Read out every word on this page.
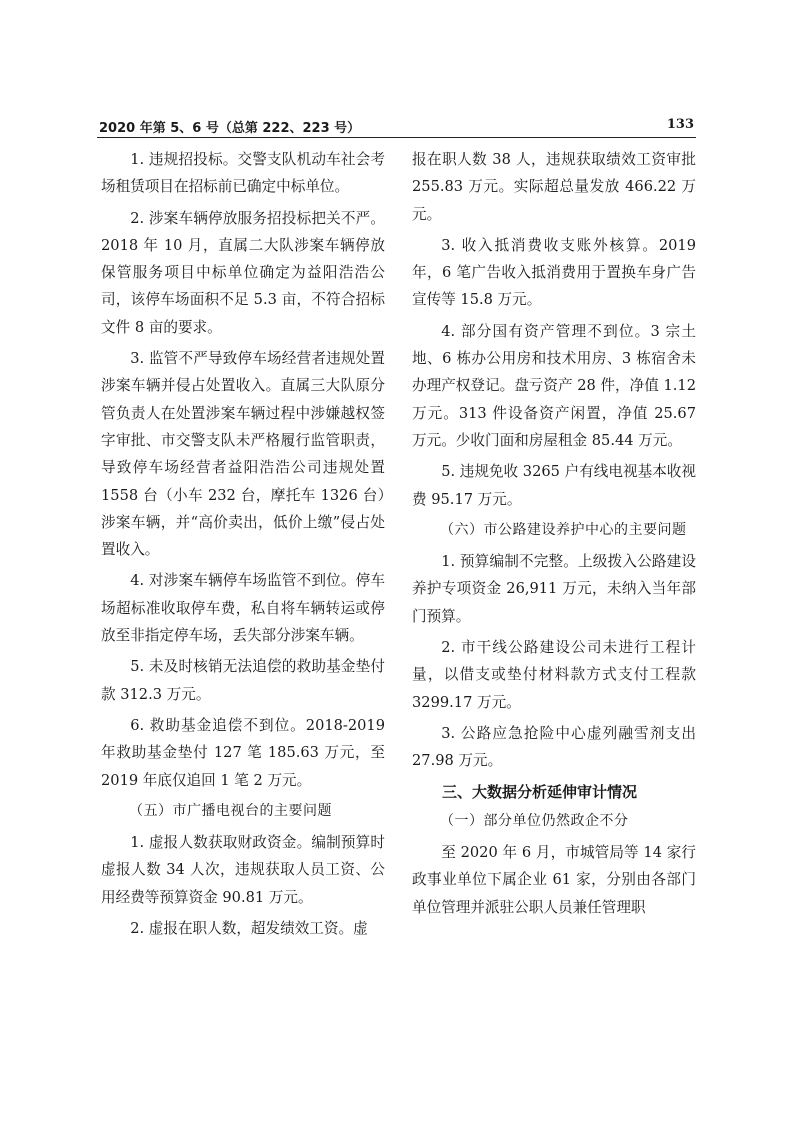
2020 年第 5、6 号（总第 222、223 号）	133

1. 违规招投标。交警支队机动车社会考场租赁项目在招标前已确定中标单位。

2. 涉案车辆停放服务招投标把关不严。2018 年 10 月，直属二大队涉案车辆停放保管服务项目中标单位确定为益阳浩浩公司，该停车场面积不足 5.3 亩，不符合招标文件 8 亩的要求。

3. 监管不严导致停车场经营者违规处置涉案车辆并侵占处置收入。直属三大队原分管负责人在处置涉案车辆过程中涉嫌越权签字审批、市交警支队未严格履行监管职责，导致停车场经营者益阳浩浩公司违规处置 1558 台（小车 232 台，摩托车 1326 台）涉案车辆，并“高价卖出，低价上缴”侵占处置收入。

4. 对涉案车辆停车场监管不到位。停车场超标准收取停车费，私自将车辆转运或停放至非指定停车场，丢失部分涉案车辆。

5. 未及时核销无法追偿的救助基金垫付款 312.3 万元。

6. 救助基金追偿不到位。2018-2019 年救助基金垫付 127 笔 185.63 万元，至 2019 年底仅追回 1 笔 2 万元。

（五）市广播电视台的主要问题

1. 虚报人数获取财政资金。编制预算时虚报人数 34 人次，违规获取人员工资、公用经费等预算资金 90.81 万元。

2. 虚报在职人数，超发绩效工资。虚

报在职人数 38 人，违规获取绩效工资审批 255.83 万元。实际超总量发放 466.22 万元。

3. 收入抵消费收支账外核算。2019 年，6 笔广告收入抵消费用于置换车身广告宣传等 15.8 万元。

4. 部分国有资产管理不到位。3 宗土地、6 栋办公用房和技术用房、3 栋宿舍未办理产权登记。盘亏资产 28 件，净值 1.12 万元。313 件设备资产闲置，净值 25.67 万元。少收门面和房屋租金 85.44 万元。

5. 违规免收 3265 户有线电视基本收视费 95.17 万元。

（六）市公路建设养护中心的主要问题

1. 预算编制不完整。上级拨入公路建设养护专项资金 26,911 万元，未纳入当年部门预算。

2. 市干线公路建设公司未进行工程计量，以借支或垫付材料款方式支付工程款 3299.17 万元。

3. 公路应急抢险中心虚列融雪剂支出 27.98 万元。

三、大数据分析延伸审计情况

（一）部分单位仍然政企不分

至 2020 年 6 月，市城管局等 14 家行政事业单位下属企业 61 家，分别由各部门单位管理并派驻公职人员兼任管理职
